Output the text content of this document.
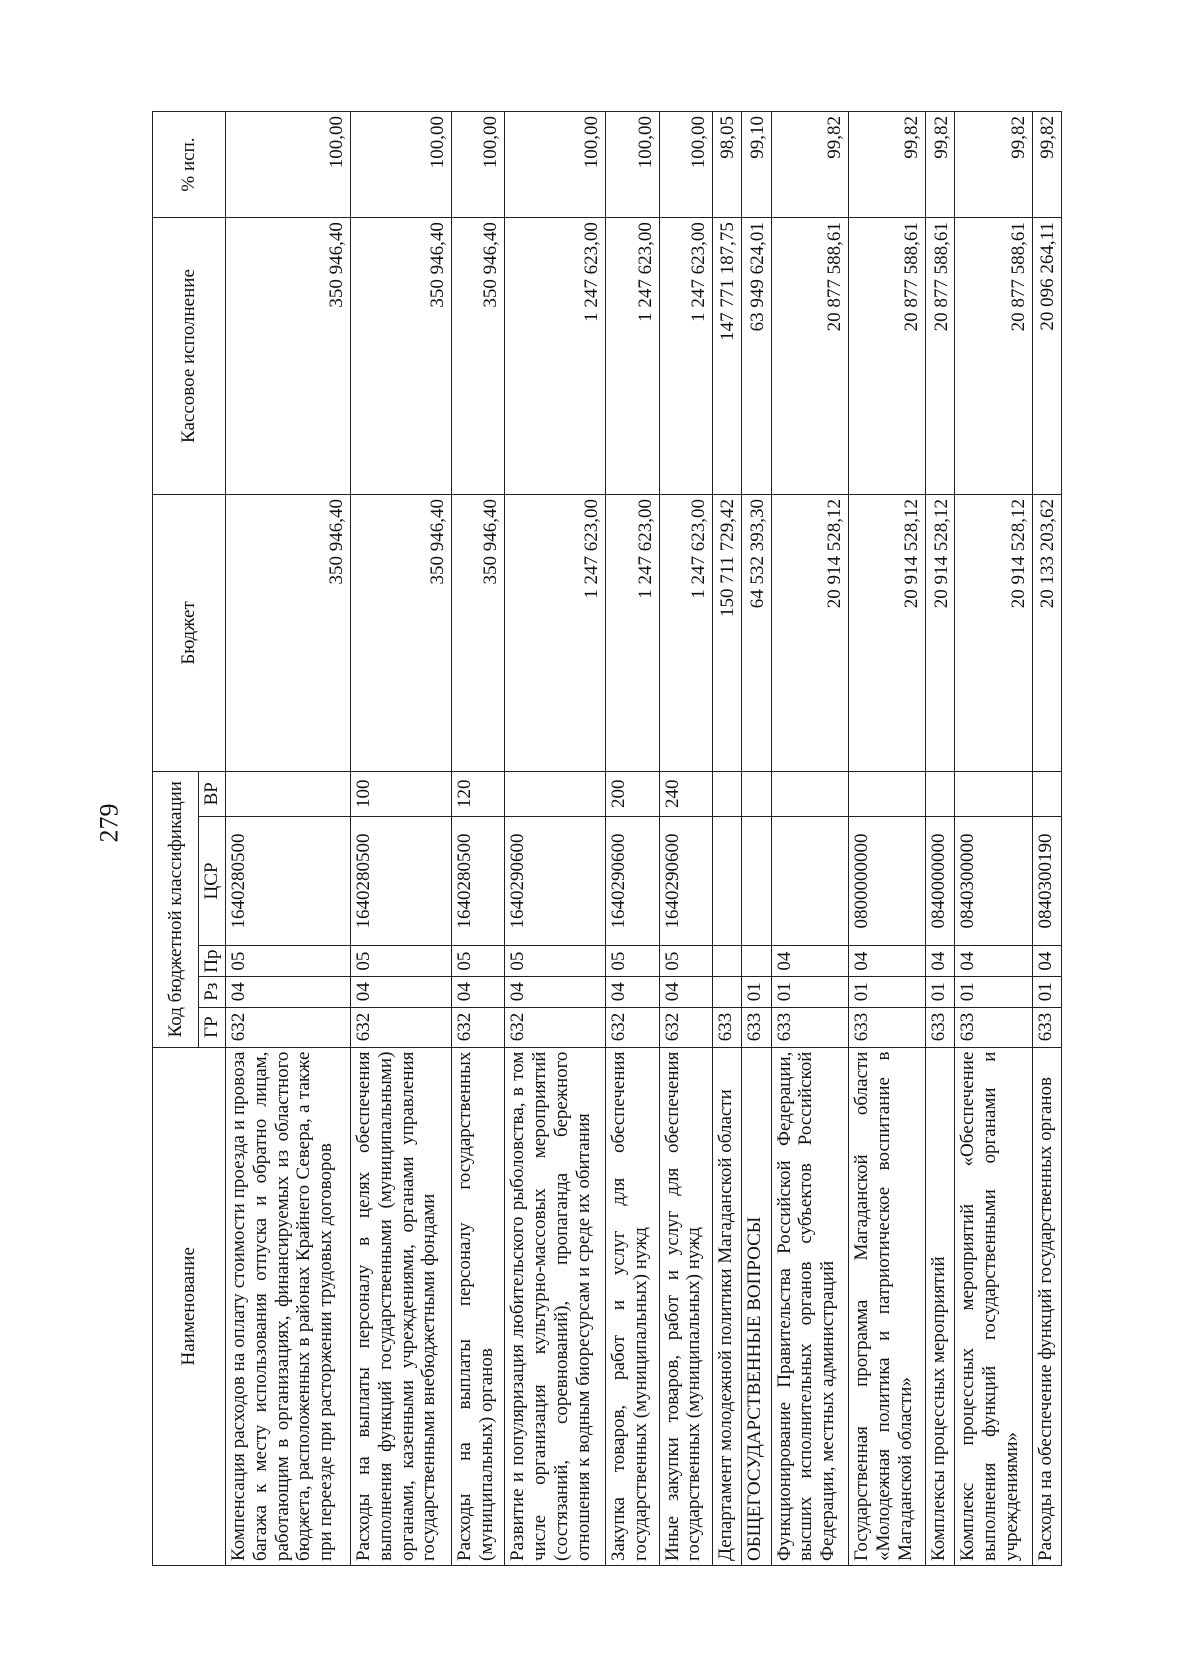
279
Наименование	Код бюджетной классификации					Бюджет	Кассовое исполнение	% исп.
	ГР	Рз	Пр	ЦСР	ВР			
Компенсация расходов на оплату стоимости проезда и провоза багажа к месту использования отпуска и обратно лицам, работающим в организациях, финансируемых из областного бюджета, расположенных в районах Крайнего Севера, а также при переезде при расторжении трудовых договоров	632	04	05	1640280500		350 946,40	350 946,40	100,00
Расходы на выплаты персоналу в целях обеспечения выполнения функций государственными (муниципальными) органами, казенными учреждениями, органами управления государственными внебюджетными фондами	632	04	05	1640280500	100	350 946,40	350 946,40	100,00
Расходы на выплаты персоналу государственных (муниципальных) органов	632	04	05	1640280500	120	350 946,40	350 946,40	100,00
Развитие и популяризация любительского рыболовства, в том числе организация культурно-массовых мероприятий (состязаний, соревнований), пропаганда бережного отношения к водным биоресурсам и среде их обитания	632	04	05	1640290600		1 247 623,00	1 247 623,00	100,00
Закупка товаров, работ и услуг для обеспечения государственных (муниципальных) нужд	632	04	05	1640290600	200	1 247 623,00	1 247 623,00	100,00
Иные закупки товаров, работ и услуг для обеспечения государственных (муниципальных) нужд	632	04	05	1640290600	240	1 247 623,00	1 247 623,00	100,00
Департамент молодежной политики Магаданской области	633					150 711 729,42	147 771 187,75	98,05
ОБЩЕГОСУДАРСТВЕННЫЕ ВОПРОСЫ	633	01				64 532 393,30	63 949 624,01	99,10
Функционирование Правительства Российской Федерации, высших исполнительных органов субъектов Российской Федерации, местных администраций	633	01	04			20 914 528,12	20 877 588,61	99,82
Государственная программа Магаданской области «Молодежная политика и патриотическое воспитание в Магаданской области»	633	01	04	0800000000		20 914 528,12	20 877 588,61	99,82
Комплексы процессных мероприятий	633	01	04	0840000000		20 914 528,12	20 877 588,61	99,82
Комплекс процессных мероприятий «Обеспечение выполнения функций государственными органами и учреждениями»	633	01	04	0840300000		20 914 528,12	20 877 588,61	99,82
Расходы на обеспечение функций государственных органов	633	01	04	0840300190		20 133 203,62	20 096 264,11	99,82
